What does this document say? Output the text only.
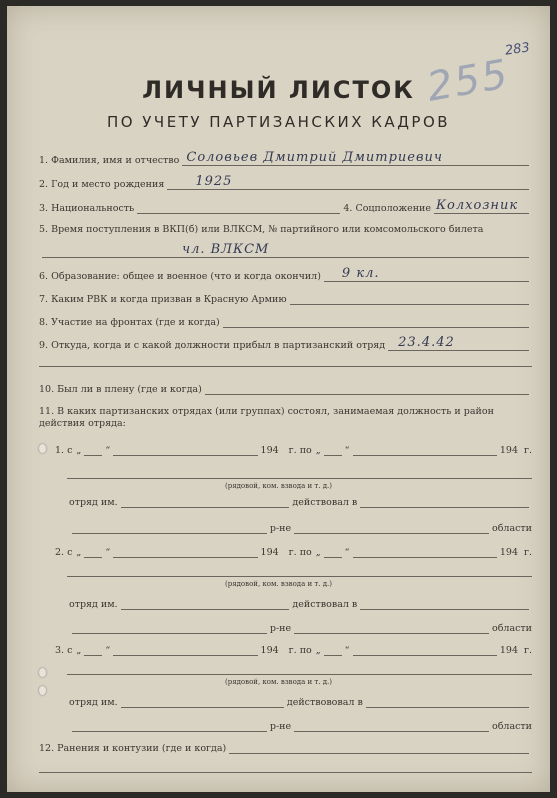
283
255
ЛИЧНЫЙ ЛИСТОК
ПО УЧЕТУ ПАРТИЗАНСКИХ КАДРОВ
1. Фамилия, имя и отчество Соловьев Дмитрий Дмитриевич
2. Год и место рождения 1925
3. Национальность	4. Соцположение Колхозник
5. Время поступления в ВКП(б) или ВЛКСМ, № партийного или комсомольского билета
чл. ВЛКСМ
6. Образование: общее и военное (что и когда окончил) 9 кл.
7. Каким РВК и когда призван в Красную Армию
8. Участие на фронтах (где и когда)
9. Откуда, когда и с какой должности прибыл в партизанский отряд 23.4.42
10. Был ли в плену (где и когда)
11. В каких партизанских отрядах (или группах) состоял, занимаемая должность и район действия отряда:
1. с „	“	194 г. по „	“	194 г.
(рядовой, ком. взвода и т. д.)
отряд им.	действовал в
р-не	области
2. с „	“	194 г. по „	“	194 г.
(рядовой, ком. взвода и т. д.)
отряд им.	действовал в
р-не	области
3. с „	“	194 г. по „	“	194 г.
(рядовой, ком. взвода и т. д.)
отряд им.	действововал в
р-не	области
12. Ранения и контузии (где и когда)
